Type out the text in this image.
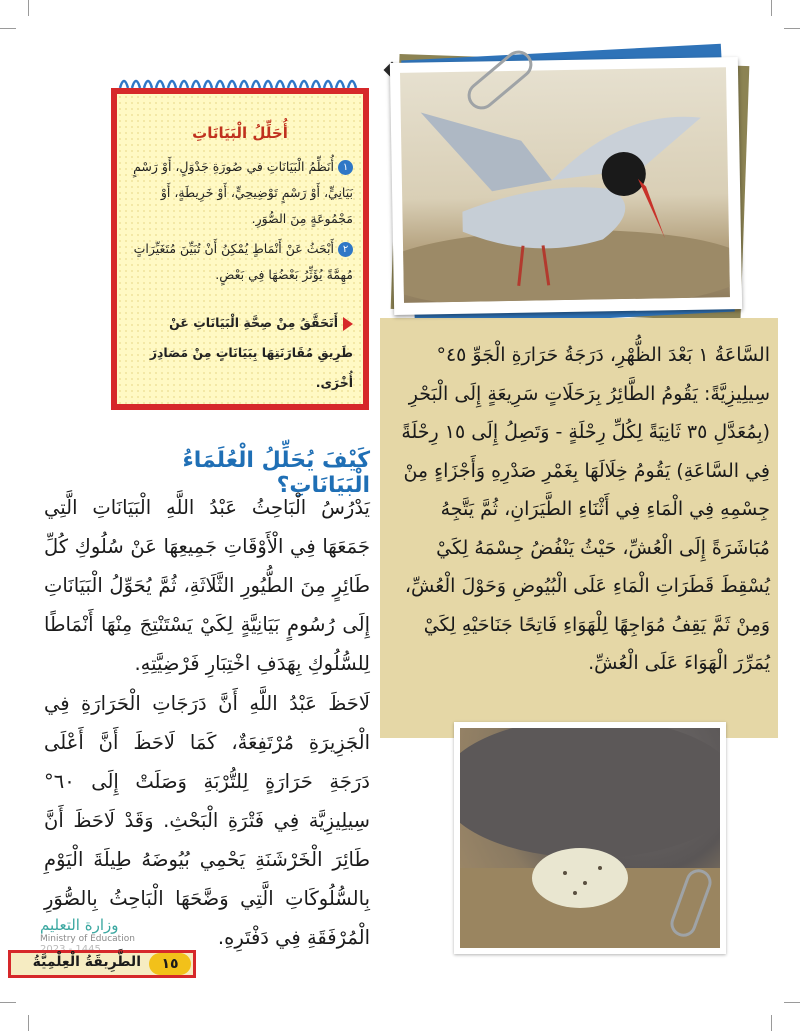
السَّاعَةُ ١ بَعْدَ الظُّهْرِ، دَرَجَةُ حَرَارَةِ الْجَوِّ ٤٥° سِيلِيزِيَّةً: يَقُومُ الطَّائِرُ بِرَحَلَاتٍ سَرِيعَةٍ إِلَى الْبَحْرِ (بِمُعَدَّلِ ٣٥ ثَانِيَةً لِكُلِّ رِحْلَةٍ - وَتَصِلُ إِلَى ١٥ رِحْلَةً فِي السَّاعَةِ) يَقُومُ خِلَالَهَا بِغَمْرِ صَدْرِهِ وَأَجْزَاءٍ مِنْ جِسْمِهِ فِي الْمَاءِ فِي أَثْنَاءِ الطَّيَرَانِ، ثُمَّ يَتَّجِهُ مُبَاشَرَةً إِلَى الْعُشِّ، حَيْثُ يَنْفُضُ جِسْمَهُ لِكَيْ يُسْقِطَ قَطَرَاتِ الْمَاءِ عَلَى الْبُيُوضِ وَحَوْلَ الْعُشِّ، وَمِنْ ثَمَّ يَقِفُ مُوَاجِهًا لِلْهَوَاءِ فَاتِحًا جَنَاحَيْهِ لِكَيْ يُمَرِّرَ الْهَوَاءَ عَلَى الْعُشِّ.
أُحَلِّلُ الْبَيَانَاتِ
١أُنَظِّمُ الْبَيَانَاتِ في صُورَةِ جَدْوَلٍ، أَوْ رَسْمٍ بَيَانِيٍّ، أَوْ رَسْمٍ تَوْضِيحِيٍّ، أَوْ خَرِيطَةٍ، أَوْ مَجْمُوعَةٍ مِنَ الصُّوَرِ.
٢أَبْحَثُ عَنْ أَنْمَاطٍ يُمْكِنُ أَنْ تُبَيِّنَ مُتَغَيِّرَاتٍ مُهِمَّةً يُؤَثِّرُ بَعْضُهَا فِي بَعْضٍ.
أَتَحَقَّقُ مِنْ صِحَّةِ الْبَيَانَاتِ عَنْ طَرِيقِ مُقَارَنَتِهَا بِبَيَانَاتٍ مِنْ مَصَادِرَ أُخْرَى.
كَيْفَ يُحَلِّلُ الْعُلَمَاءُ الْبَيَانَاتِ؟
يَدْرُسُ الْبَاحِثُ عَبْدُ اللَّهِ الْبَيَانَاتِ الَّتِي جَمَعَهَا فِي الْأَوْقَاتِ جَمِيعِهَا عَنْ سُلُوكِ كُلِّ طَائِرٍ مِنَ الطُّيُورِ الثَّلَاثَةِ، ثُمَّ يُحَوِّلُ الْبَيَانَاتِ إِلَى رُسُومٍ بَيَانِيَّةٍ لِكَيْ يَسْتَنْتِجَ مِنْهَا أَنْمَاطًا لِلسُّلُوكِ بِهَدَفِ اخْتِبَارِ فَرْضِيَّتِهِ.
لَاحَظَ عَبْدُ اللَّهِ أَنَّ دَرَجَاتِ الْحَرَارَةِ فِي الْجَزِيرَةِ مُرْتَفِعَةٌ، كَمَا لَاحَظَ أَنَّ أَعْلَى دَرَجَةِ حَرَارَةٍ لِلتُّرْبَةِ وَصَلَتْ إِلَى ٦٠° سِيلِيزِيَّة فِي فَتْرَةِ الْبَحْثِ. وَقَدْ لَاحَظَ أَنَّ طَائِرَ الْخَرْشَنَةِ يَحْمِي بُيُوضَهُ طِيلَةَ الْيَوْمِ بِالسُّلُوكَاتِ الَّتِي وَضَّحَهَا الْبَاحِثُ بِالصُّوَرِ الْمُرْفَقَةِ فِي دَفْتَرِهِ.
وزارة التعليم
Ministry of Education
الطَّرِيقَةُ الْعِلْمِيَّةُ	١٥
